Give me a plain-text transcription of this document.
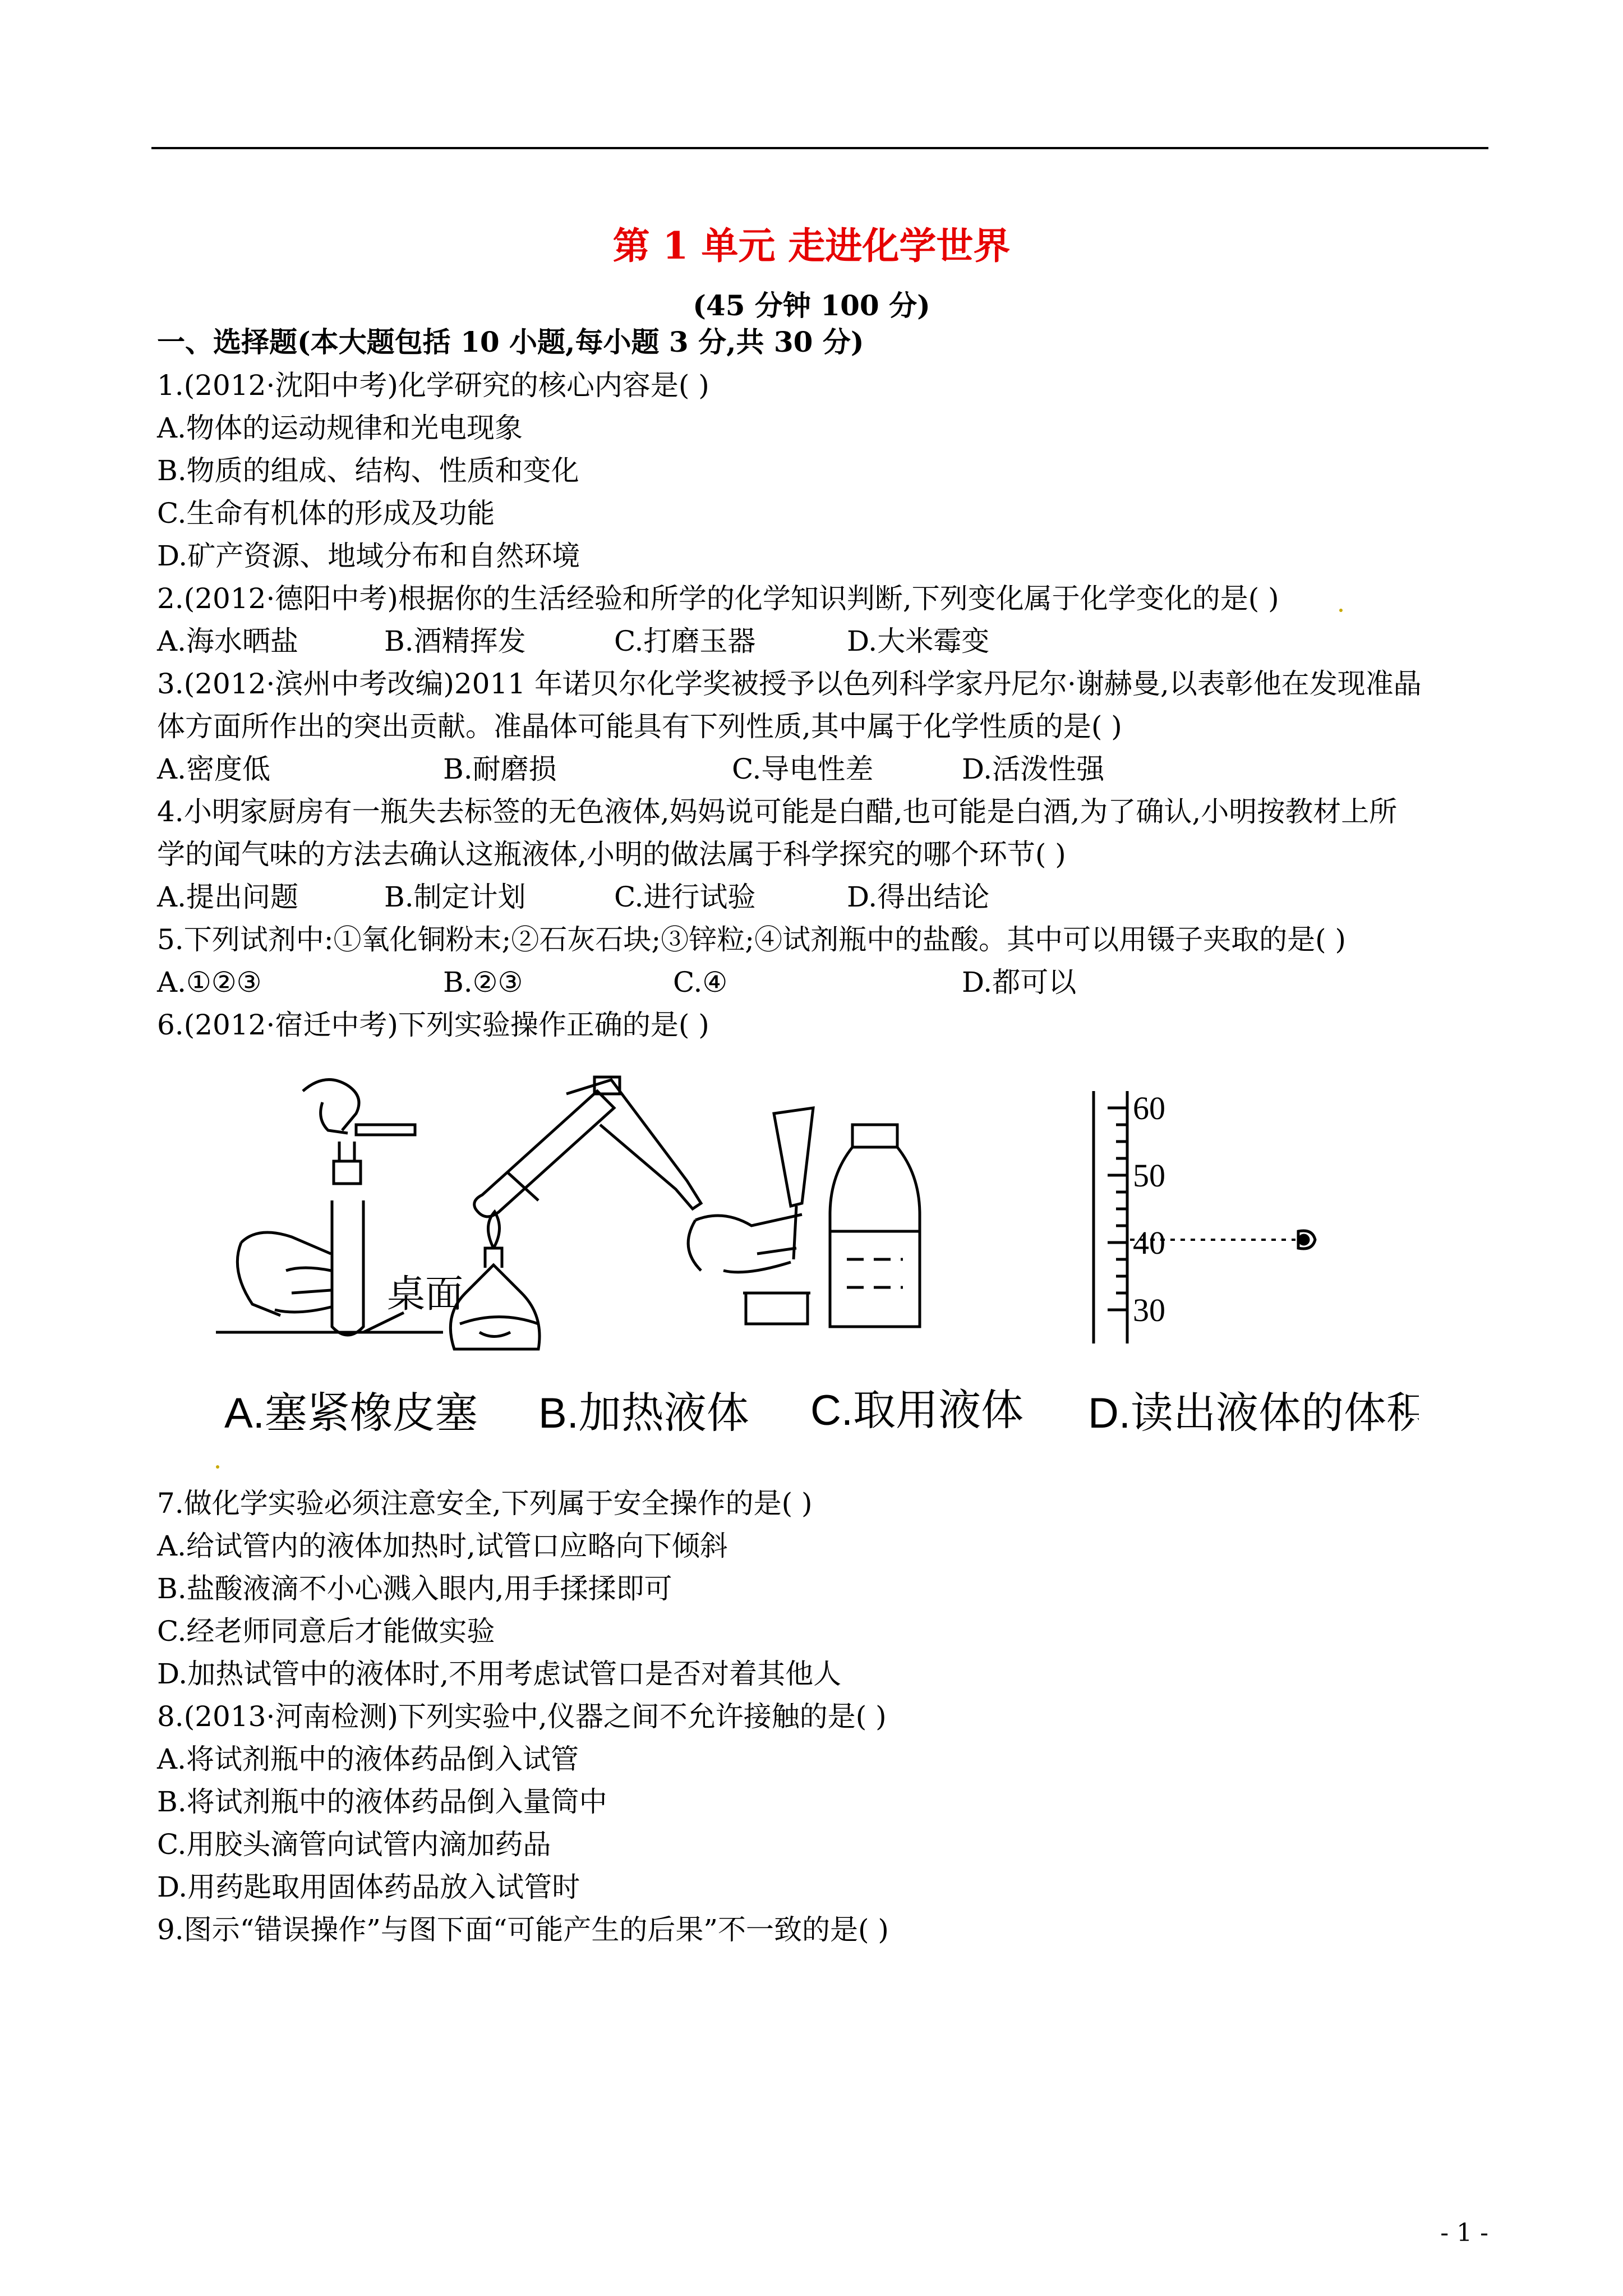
第 1 单元 走进化学世界
(45 分钟 100 分)
一、选择题(本大题包括 10 小题,每小题 3 分,共 30 分)
1.(2012·沈阳中考)化学研究的核心内容是( )
A.物体的运动规律和光电现象
B.物质的组成、结构、性质和变化
C.生命有机体的形成及功能
D.矿产资源、地域分布和自然环境
2.(2012·德阳中考)根据你的生活经验和所学的化学知识判断,下列变化属于化学变化的是( )
A.海水晒盐	B.酒精挥发	C.打磨玉器	D.大米霉变
3.(2012·滨州中考改编)2011 年诺贝尔化学奖被授予以色列科学家丹尼尔·谢赫曼,以表彰他在发现准晶
体方面所作出的突出贡献。准晶体可能具有下列性质,其中属于化学性质的是( )
A.密度低	B.耐磨损	C.导电性差	D.活泼性强
4.小明家厨房有一瓶失去标签的无色液体,妈妈说可能是白醋,也可能是白酒,为了确认,小明按教材上所
学的闻气味的方法去确认这瓶液体,小明的做法属于科学探究的哪个环节( )
A.提出问题	B.制定计划	C.进行试验	D.得出结论
5.下列试剂中:①氧化铜粉末;②石灰石块;③锌粒;④试剂瓶中的盐酸。其中可以用镊子夹取的是( )
A.①②③	B.②③	C.④	D.都可以
6.(2012·宿迁中考)下列实验操作正确的是( )
桌面
60
50
40
30
A.塞紧橡皮塞 B.加热液体 C.取用液体 D.读出液体的体积
7.做化学实验必须注意安全,下列属于安全操作的是( )
A.给试管内的液体加热时,试管口应略向下倾斜
B.盐酸液滴不小心溅入眼内,用手揉揉即可
C.经老师同意后才能做实验
D.加热试管中的液体时,不用考虑试管口是否对着其他人
8.(2013·河南检测)下列实验中,仪器之间不允许接触的是( )
A.将试剂瓶中的液体药品倒入试管
B.将试剂瓶中的液体药品倒入量筒中
C.用胶头滴管向试管内滴加药品
D.用药匙取用固体药品放入试管时
9.图示“错误操作”与图下面“可能产生的后果”不一致的是( )
- 1 -
